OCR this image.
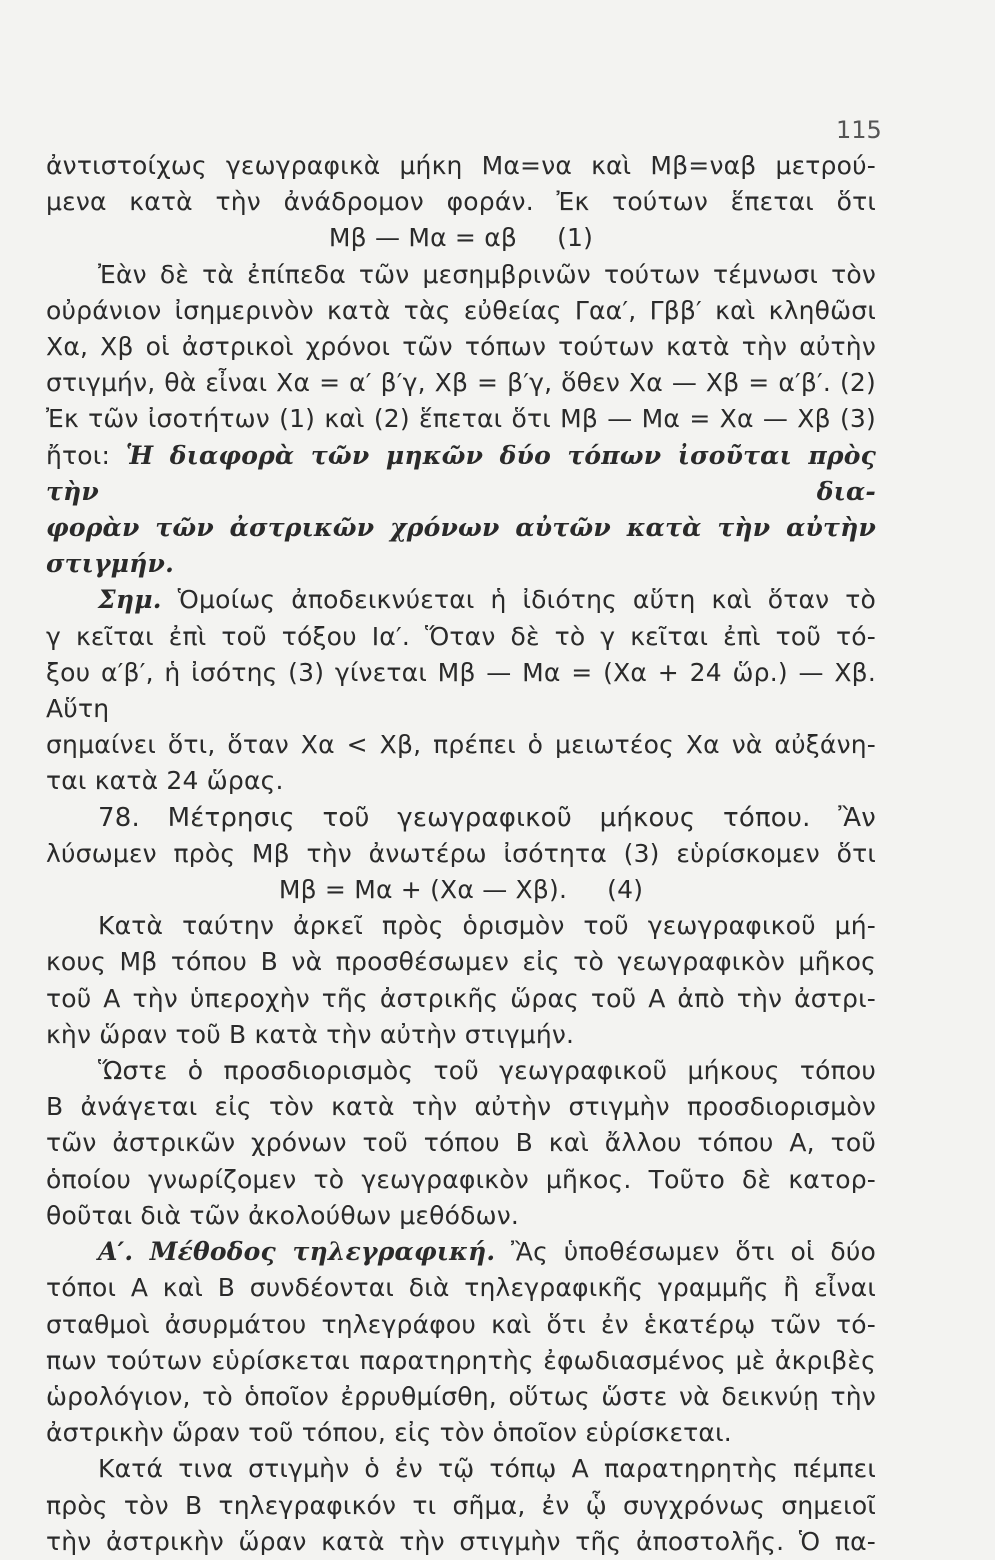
115

ἀντιστοίχως γεωγραφικὰ μήκη Μα=να καὶ Μβ=ναβ μετρού-

μενα κατὰ τὴν ἀνάδρομον φοράν. Ἐκ τούτων ἕπεται ὅτι

Μβ — Μα = αβ (1)

Ἐὰν δὲ τὰ ἐπίπεδα τῶν μεσημβρινῶν τούτων τέμνωσι τὸν

οὐράνιον ἰσημερινὸν κατὰ τὰς εὐθείας Γαα′, Γββ′ καὶ κληθῶσι

Χα, Χβ οἱ ἀστρικοὶ χρόνοι τῶν τόπων τούτων κατὰ τὴν αὐτὴν

στιγμήν, θὰ εἶναι Χα = α′ β′γ, Χβ = β′γ, ὅθεν Χα — Χβ = α′β′. (2)

Ἐκ τῶν ἰσοτήτων (1) καὶ (2) ἕπεται ὅτι Μβ — Μα = Χα — Χβ (3)

ἤτοι: Ἡ διαφορὰ τῶν μηκῶν δύο τόπων ἰσοῦται πρὸς τὴν δια-

φορὰν τῶν ἀστρικῶν χρόνων αὐτῶν κατὰ τὴν αὐτὴν στιγμήν.

Σημ. Ὁμοίως ἀποδεικνύεται ἡ ἰδιότης αὕτη καὶ ὅταν τὸ

γ κεῖται ἐπὶ τοῦ τόξου Ια′. Ὅταν δὲ τὸ γ κεῖται ἐπὶ τοῦ τό-

ξου α′β′, ἡ ἰσότης (3) γίνεται Μβ — Μα = (Χα + 24 ὥρ.) — Χβ. Αὕτη

σημαίνει ὅτι, ὅταν Χα < Χβ, πρέπει ὁ μειωτέος Χα νὰ αὐξάνη-

ται κατὰ 24 ὥρας.

78. Μέτρησις τοῦ γεωγραφικοῦ μήκους τόπου. Ἂν

λύσωμεν πρὸς Μβ τὴν ἀνωτέρω ἰσότητα (3) εὑρίσκομεν ὅτι

Μβ = Μα + (Χα — Χβ). (4)

Κατὰ ταύτην ἀρκεῖ πρὸς ὁρισμὸν τοῦ γεωγραφικοῦ μή-

κους Μβ τόπου Β νὰ προσθέσωμεν εἰς τὸ γεωγραφικὸν μῆκος

τοῦ Α τὴν ὑπεροχὴν τῆς ἀστρικῆς ὥρας τοῦ Α ἀπὸ τὴν ἀστρι-

κὴν ὥραν τοῦ Β κατὰ τὴν αὐτὴν στιγμήν.

Ὥστε ὁ προσδιορισμὸς τοῦ γεωγραφικοῦ μήκους τόπου

Β ἀνάγεται εἰς τὸν κατὰ τὴν αὐτὴν στιγμὴν προσδιορισμὸν

τῶν ἀστρικῶν χρόνων τοῦ τόπου Β καὶ ἄλλου τόπου Α, τοῦ

ὁποίου γνωρίζομεν τὸ γεωγραφικὸν μῆκος. Τοῦτο δὲ κατορ-

θοῦται διὰ τῶν ἀκολούθων μεθόδων.

Α′. Μέθοδος τηλεγραφική. Ἂς ὑποθέσωμεν ὅτι οἱ δύο

τόποι Α καὶ Β συνδέονται διὰ τηλεγραφικῆς γραμμῆς ἢ εἶναι

σταθμοὶ ἀσυρμάτου τηλεγράφου καὶ ὅτι ἐν ἑκατέρῳ τῶν τό-

πων τούτων εὑρίσκεται παρατηρητὴς ἐφωδιασμένος μὲ ἀκριβὲς

ὡρολόγιον, τὸ ὁποῖον ἐρρυθμίσθη, οὕτως ὥστε νὰ δεικνύῃ τὴν

ἀστρικὴν ὥραν τοῦ τόπου, εἰς τὸν ὁποῖον εὑρίσκεται.

Κατά τινα στιγμὴν ὁ ἐν τῷ τόπῳ Α παρατηρητὴς πέμπει

πρὸς τὸν Β τηλεγραφικόν τι σῆμα, ἐν ᾧ συγχρόνως σημειοῖ

τὴν ἀστρικὴν ὥραν κατὰ τὴν στιγμὴν τῆς ἀποστολῆς. Ὁ πα-
